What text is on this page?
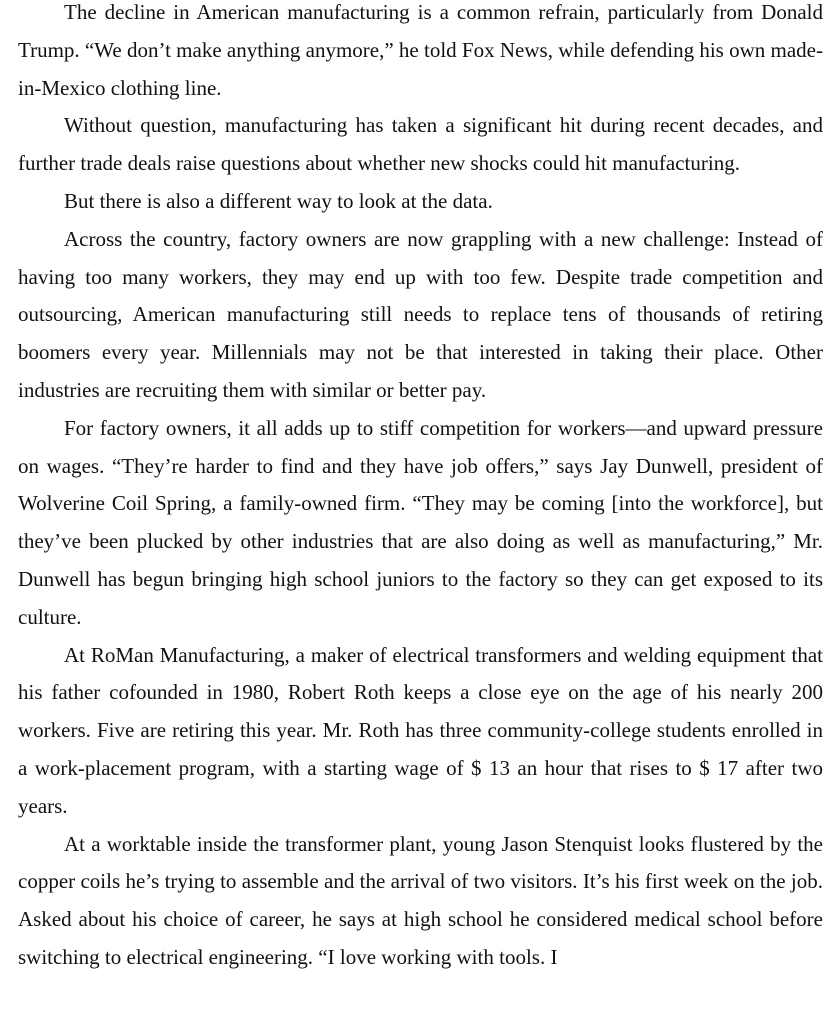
The decline in American manufacturing is a common refrain, particularly from Donald Trump. “We don’t make anything anymore,” he told Fox News, while defending his own made-in-Mexico clothing line.

Without question, manufacturing has taken a significant hit during recent decades, and further trade deals raise questions about whether new shocks could hit manufacturing.

But there is also a different way to look at the data.

Across the country, factory owners are now grappling with a new challenge: Instead of having too many workers, they may end up with too few. Despite trade competition and outsourcing, American manufacturing still needs to replace tens of thousands of retiring boomers every year. Millennials may not be that interested in taking their place. Other industries are recruiting them with similar or better pay.

For factory owners, it all adds up to stiff competition for workers—and upward pressure on wages. “They’re harder to find and they have job offers,” says Jay Dunwell, president of Wolverine Coil Spring, a family-owned firm. “They may be coming [into the workforce], but they’ve been plucked by other industries that are also doing as well as manufacturing,” Mr. Dunwell has begun bringing high school juniors to the factory so they can get exposed to its culture.

At RoMan Manufacturing, a maker of electrical transformers and welding equipment that his father cofounded in 1980, Robert Roth keeps a close eye on the age of his nearly 200 workers. Five are retiring this year. Mr. Roth has three community-college students enrolled in a work-placement program, with a starting wage of $ 13 an hour that rises to $ 17 after two years.

At a worktable inside the transformer plant, young Jason Stenquist looks flustered by the copper coils he’s trying to assemble and the arrival of two visitors. It’s his first week on the job. Asked about his choice of career, he says at high school he considered medical school before switching to electrical engineering. “I love working with tools. I
